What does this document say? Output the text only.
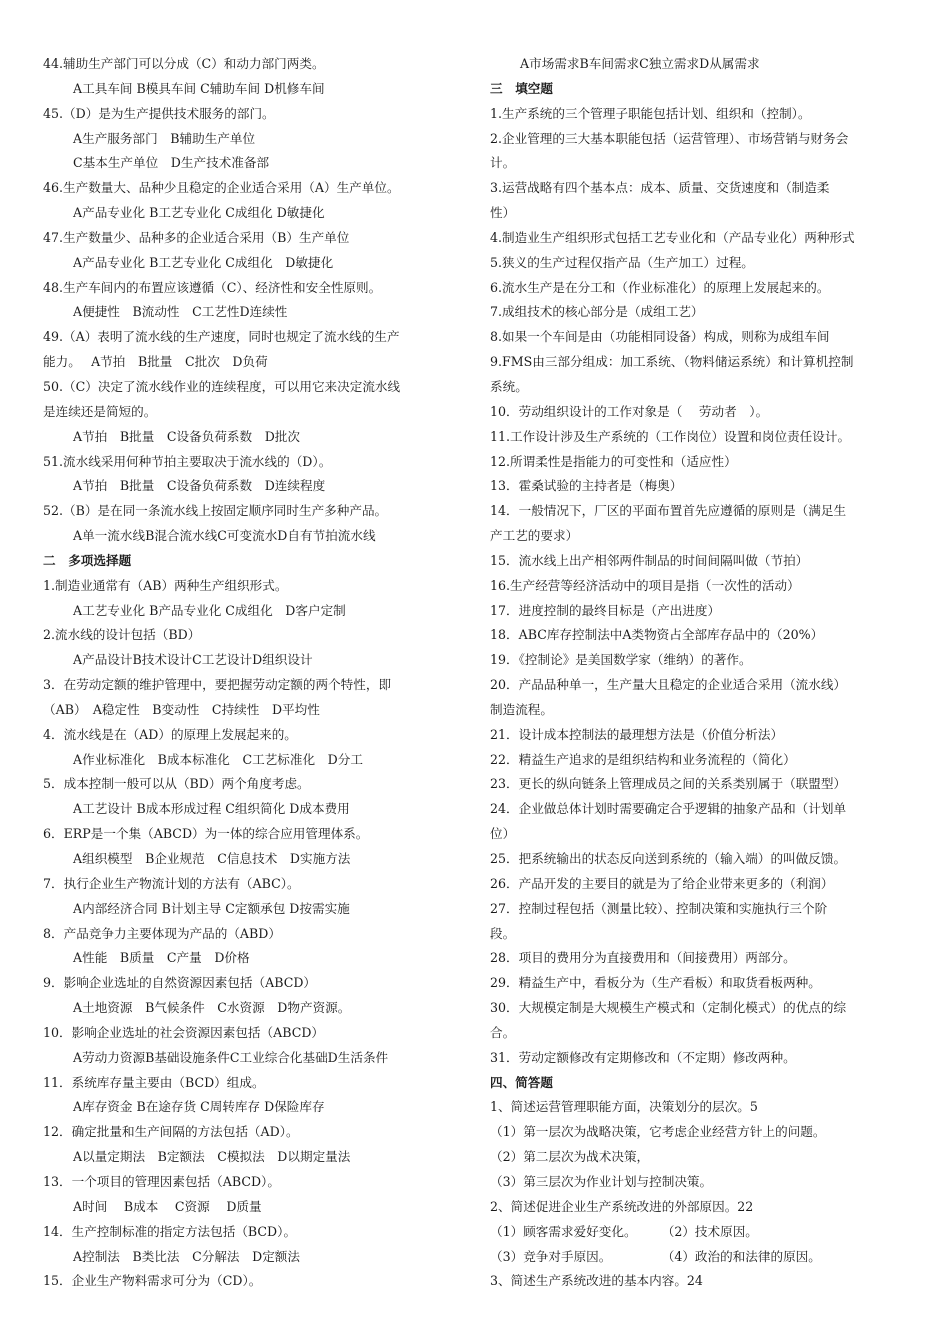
44.辅助生产部门可以分成（C）和动力部门两类。
A工具车间 B模具车间 C辅助车间 D机修车间
45.（D）是为生产提供技术服务的部门。
A生产服务部门　B辅助生产单位
C基本生产单位　D生产技术准备部
46.生产数量大、品种少且稳定的企业适合采用（A）生产单位。
A产品专业化 B工艺专业化 C成组化 D敏捷化
47.生产数量少、品种多的企业适合采用（B）生产单位
A产品专业化 B工艺专业化 C成组化　D敏捷化
48.生产车间内的布置应该遵循（C）、经济性和安全性原则。
A便捷性　B流动性　C工艺性D连续性
49.（A）表明了流水线的生产速度，同时也规定了流水线的生产
能力。　 A节拍　B批量　C批次　D负荷
50.（C）决定了流水线作业的连续程度，可以用它来决定流水线
是连续还是简短的。
A节拍　B批量　C设备负荷系数　D批次
51.流水线采用何种节拍主要取决于流水线的（D）。
A节拍　B批量　C设备负荷系数　D连续程度
52.（B）是在同一条流水线上按固定顺序同时生产多种产品。
A单一流水线B混合流水线C可变流水D自有节拍流水线
二　多项选择题
1.制造业通常有（AB）两种生产组织形式。
A工艺专业化 B产品专业化 C成组化　D客户定制
2.流水线的设计包括（BD）
A产品设计B技术设计C工艺设计D组织设计
3．在劳动定额的维护管理中，要把握劳动定额的两个特性，即
（AB）　A稳定性　B变动性　C持续性　D平均性
4．流水线是在（AD）的原理上发展起来的。
A作业标准化　B成本标准化　C工艺标准化　D分工
5．成本控制一般可以从（BD）两个角度考虑。
A工艺设计 B成本形成过程 C组织简化 D成本费用
6．ERP是一个集（ABCD）为一体的综合应用管理体系。
A组织模型　B企业规范　C信息技术　D实施方法
7．执行企业生产物流计划的方法有（ABC）。
A内部经济合同 B计划主导 C定额承包 D按需实施
8．产品竞争力主要体现为产品的（ABD）
A性能　B质量　C产量　D价格
9．影响企业选址的自然资源因素包括（ABCD）
A土地资源　B气候条件　C水资源　D物产资源。
10．影响企业选址的社会资源因素包括（ABCD）
A劳动力资源B基础设施条件C工业综合化基础D生活条件
11．系统库存量主要由（BCD）组成。
A库存资金 B在途存货 C周转库存 D保险库存
12．确定批量和生产间隔的方法包括（AD）。
A以量定期法　B定额法　C模拟法　D以期定量法
13．一个项目的管理因素包括（ABCD）。
A时间　 B成本　 C资源　 D质量
14．生产控制标准的指定方法包括（BCD）。
A控制法　B类比法　C分解法　D定额法
15．企业生产物料需求可分为（CD）。
A市场需求B车间需求C独立需求D从属需求
三　填空题
1.生产系统的三个管理子职能包括计划、组织和（控制）。
2.企业管理的三大基本职能包括（运营管理）、市场营销与财务会
计。
3.运营战略有四个基本点：成本、质量、交货速度和（制造柔
性）
4.制造业生产组织形式包括工艺专业化和（产品专业化）两种形式
5.狭义的生产过程仅指产品（生产加工）过程。
6.流水生产是在分工和（作业标准化）的原理上发展起来的。
7.成组技术的核心部分是（成组工艺）
8.如果一个车间是由（功能相同设备）构成，则称为成组车间
9.FMS由三部分组成：加工系统、（物料储运系统）和计算机控制
系统。
10．劳动组织设计的工作对象是（　 劳动者　）。
11.工作设计涉及生产系统的（工作岗位）设置和岗位责任设计。
12.所谓柔性是指能力的可变性和（适应性）
13．霍桑试验的主持者是（梅奥）
14．一般情况下，厂区的平面布置首先应遵循的原则是（满足生
产工艺的要求）
15．流水线上出产相邻两件制品的时间间隔叫做（节拍）
16.生产经营等经济活动中的项目是指（一次性的活动）
17．进度控制的最终目标是（产出进度）
18．ABC库存控制法中A类物资占全部库存品中的（20%）
19．《控制论》是美国数学家（维纳）的著作。
20．产品品种单一，生产量大且稳定的企业适合采用（流水线）
制造流程。
21．设计成本控制法的最理想方法是（价值分析法）
22．精益生产追求的是组织结构和业务流程的（简化）
23．更长的纵向链条上管理成员之间的关系类别属于（联盟型）
24．企业做总体计划时需要确定合乎逻辑的抽象产品和（计划单
位）
25．把系统输出的状态反向送到系统的（输入端）的叫做反馈。
26．产品开发的主要目的就是为了给企业带来更多的（利润）
27．控制过程包括（测量比较）、控制决策和实施执行三个阶
段。
28．项目的费用分为直接费用和（间接费用）两部分。
29．精益生产中，看板分为（生产看板）和取货看板两种。
30．大规模定制是大规模生产模式和（定制化模式）的优点的综
合。
31．劳动定额修改有定期修改和（不定期）修改两种。
四、简答题
1、简述运营管理职能方面，决策划分的层次。5
（1）第一层次为战略决策，它考虑企业经营方针上的问题。
（2）第二层次为战术决策，
（3）第三层次为作业计划与控制决策。
2、简述促进企业生产系统改进的外部原因。22
（1）顾客需求爱好变化。　　　（2）技术原因。
（3）竞争对手原因。　　　　　（4）政治的和法律的原因。
3、简述生产系统改进的基本内容。24
